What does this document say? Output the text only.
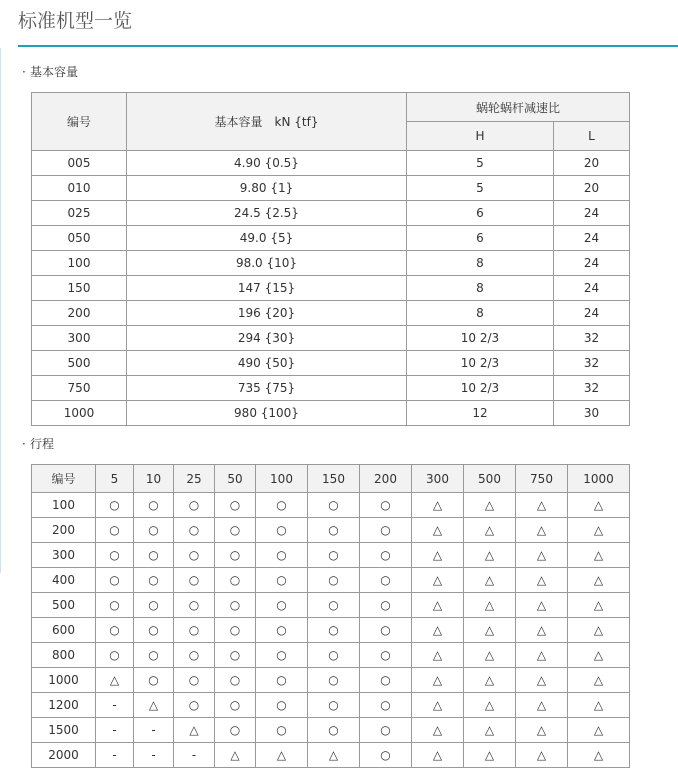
标准机型一览
· 基本容量
编号	基本容量　kN {tf}	蜗轮蜗杆减速比	
		H	L
005	4.90 {0.5}	5	20
010	9.80 {1}	5	20
025	24.5 {2.5}	6	24
050	49.0 {5}	6	24
100	98.0 {10}	8	24
150	147 {15}	8	24
200	196 {20}	8	24
300	294 {30}	10 2/3	32
500	490 {50}	10 2/3	32
750	735 {75}	10 2/3	32
1000	980 {100}	12	30
· 行程
编号	5	10	25	50	100	150	200	300	500	750	1000
100	○	○	○	○	○	○	○	△	△	△	△
200	○	○	○	○	○	○	○	△	△	△	△
300	○	○	○	○	○	○	○	△	△	△	△
400	○	○	○	○	○	○	○	△	△	△	△
500	○	○	○	○	○	○	○	△	△	△	△
600	○	○	○	○	○	○	○	△	△	△	△
800	○	○	○	○	○	○	○	△	△	△	△
1000	△	○	○	○	○	○	○	△	△	△	△
1200	-	△	○	○	○	○	○	△	△	△	△
1500	-	-	△	○	○	○	○	△	△	△	△
2000	-	-	-	△	△	△	○	△	△	△	△
